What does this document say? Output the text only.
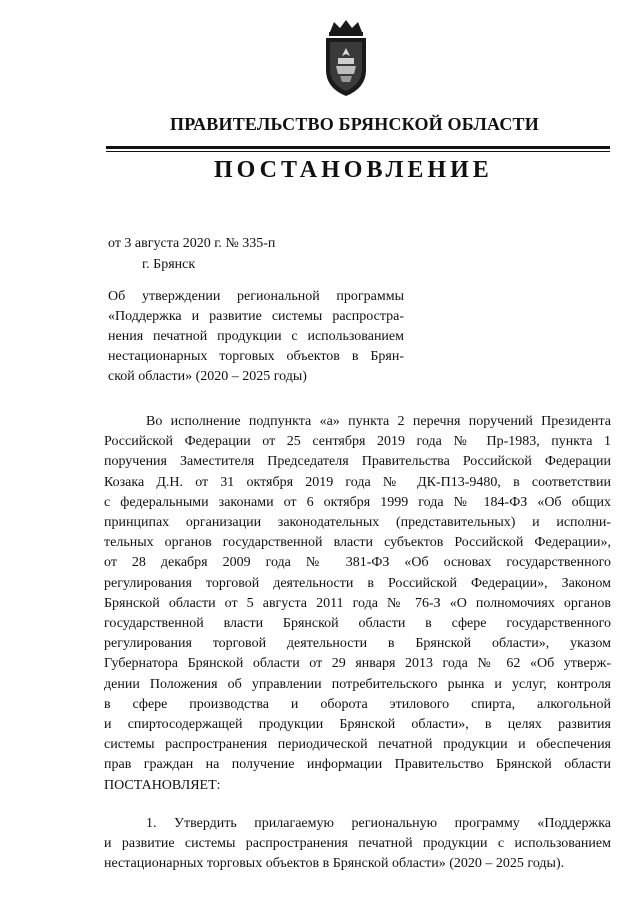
ПРАВИТЕЛЬСТВО БРЯНСКОЙ ОБЛАСТИ
ПОСТАНОВЛЕНИЕ
от 3 августа 2020 г. № 335-п
г. Брянск
Об утверждении региональной программы
«Поддержка и развитие системы распростра-
нения печатной продукции с использованием
нестационарных торговых объектов в Брян-
ской области» (2020 – 2025 годы)
Во исполнение подпункта «а» пункта 2 перечня поручений Президента
Российской Федерации от 25 сентября 2019 года № Пр-1983, пункта 1
поручения Заместителя Председателя Правительства Российской Федерации
Козака Д.Н. от 31 октября 2019 года № ДК-П13-9480, в соответствии
с федеральными законами от 6 октября 1999 года № 184-ФЗ «Об общих
принципах организации законодательных (представительных) и исполни-
тельных органов государственной власти субъектов Российской Федерации»,
от 28 декабря 2009 года № 381-ФЗ «Об основах государственного
регулирования торговой деятельности в Российской Федерации», Законом
Брянской области от 5 августа 2011 года № 76-З «О полномочиях органов
государственной власти Брянской области в сфере государственного
регулирования торговой деятельности в Брянской области», указом
Губернатора Брянской области от 29 января 2013 года № 62 «Об утверж-
дении Положения об управлении потребительского рынка и услуг, контроля
в сфере производства и оборота этилового спирта, алкогольной
и спиртосодержащей продукции Брянской области», в целях развития
системы распространения периодической печатной продукции и обеспечения
прав граждан на получение информации Правительство Брянской области
ПОСТАНОВЛЯЕТ:
1. Утвердить прилагаемую региональную программу «Поддержка
и развитие системы распространения печатной продукции с использованием
нестационарных торговых объектов в Брянской области» (2020 – 2025 годы).
